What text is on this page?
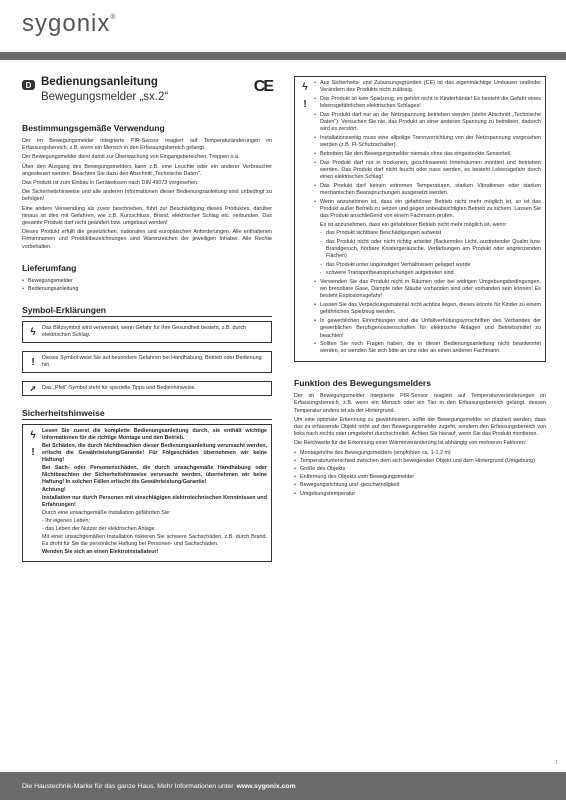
sygonix®
D Bedienungsanleitung
Bewegungsmelder „sx.2“
CE
Bestimmungsgemäße Verwendung

Der im Bewegungsmelder integrierte PIR-Sensor reagiert auf Temperaturänderungen im Erfassungsbereich, z.B. wenn ein Mensch in den Erfassungsbereich gelangt.

Der Bewegungsmelder dient damit zur Überwachung von Eingangsbereichen, Treppen o.ä.

Über den Ausgang des Bewegungsmelders kann z.B. eine Leuchte oder ein anderer Verbraucher angesteuert werden. Beachten Sie dazu den Abschnitt „Technische Daten“.

Das Produkt ist zum Einbau in Gerätedosen nach DIN 49073 vorgesehen.

Die Sicherheitshinweise und alle anderen Informationen dieser Bedienungsanleitung sind unbedingt zu befolgen!

Eine andere Verwendung als zuvor beschrieben, führt zur Beschädigung dieses Produktes, darüber hinaus ist dies mit Gefahren, wie z.B. Kurzschluss, Brand, elektrischer Schlag etc. verbunden. Das gesamte Produkt darf nicht geändert bzw. umgebaut werden!

Dieses Produkt erfüllt die gesetzlichen, nationalen und europäischen Anforderungen. Alle enthaltenen Firmennamen und Produktbezeichnungen sind Warenzeichen der jeweiligen Inhaber. Alle Rechte vorbehalten.

Lieferumfang
• Bewegungsmelder
• Bedienungsanleitung
Symbol-Erklärungen
ϟ	Das Blitzsymbol wird verwendet, wenn Gefahr für Ihre Gesundheit besteht, z.B. durch elektrischen Schlag.
!	Dieses Symbol weist Sie auf besondere Gefahren bei Handhabung, Betrieb oder Bedienung hin.
➚	Das „Pfeil“-Symbol steht für spezielle Tipps und Bedienhinweise.
Sicherheitshinweise
ϟ
!

Lesen Sie zuerst die komplette Bedienungsanleitung durch, sie enthält wichtige Informationen für die richtige Montage und den Betrieb.

Bei Schäden, die durch Nichtbeachten dieser Bedienungsanleitung verursacht werden, erlischt die Gewährleistung/Garantie! Für Folgeschäden übernehmen wir keine Haftung!

Bei Sach- oder Personenschäden, die durch unsachgemäße Handhabung oder Nichtbeachten der Sicherheitshinweise verursacht werden, übernehmen wir keine Haftung! In solchen Fällen erlischt die Gewährleistung/Garantie!

Achtung!

Installation nur durch Personen mit einschlägigen elektrotechnischen Kenntnissen und Erfahrungen!

Durch eine unsachgemäße Installation gefährden Sie:

- Ihr eigenes Leben;

- das Leben der Nutzer der elektrischen Anlage.

Mit einer unsachgemäßen Installation riskieren Sie schwere Sachschäden, z.B. durch Brand. Es droht für Sie die persönliche Haftung bei Personen- und Sachschäden.

Wenden Sie sich an einen Elektroinstallateur!

ϟ
!
• Aus Sicherheits- und Zulassungsgründen (CE) ist das eigenmächtige Umbauen und/oder Verändern des Produkts nicht zulässig.
• Das Produkt ist kein Spielzeug, es gehört nicht in Kinderhände! Es besteht die Gefahr eines lebensgefährlichen elektrischen Schlages!
• Das Produkt darf nur an der Netzspannung betrieben werden (siehe Abschnitt „Technische Daten“). Versuchen Sie nie, das Produkt an einer anderen Spannung zu betreiben, dadurch wird es zerstört.
• Installationsseitig muss eine allpolige Trennvorrichtung von der Netzspannung vorgesehen werden (z.B. FI-Schutzschalter).
• Betreiben Sie den Bewegungsmelder niemals ohne das eingesteckte Sensorteil.
• Das Produkt darf nur in trockenen, geschlossenen Innenräumen montiert und betrieben werden. Das Produkt darf nicht feucht oder nass werden, es besteht Lebensgefahr durch einen elektrischen Schlag!
• Das Produkt darf keinen extremen Temperaturen, starken Vibrationen oder starken mechanischen Beanspruchungen ausgesetzt werden.
• Wenn anzunehmen ist, dass ein gefahrloser Betrieb nicht mehr möglich ist, so ist das Produkt außer Betrieb zu setzen und gegen unbeabsichtigten Betrieb zu sichern. Lassen Sie das Produkt anschließend von einem Fachmann prüfen.
Es ist anzunehmen, dass ein gefahrloser Betrieb nicht mehr möglich ist, wenn:
- das Produkt sichtbare Beschädigungen aufweist
- das Produkt nicht oder nicht richtig arbeitet (flackerndes Licht, austretender Qualm bzw. Brandgeruch, hörbare Knistergeräusche, Verfärbungen am Produkt oder angrenzenden Flächen)
- das Produkt unter ungünstigen Verhältnissen gelagert wurde
- schwere Transportbeanspruchungen aufgetreten sind
• Verwenden Sie das Produkt nicht in Räumen oder bei widrigen Umgebungsbedingungen, wo brennbare Gase, Dämpfe oder Stäube vorhanden sind oder vorhanden sein können! Es besteht Explosionsgefahr!
• Lassen Sie das Verpackungsmaterial nicht achtlos liegen, dieses könnte für Kinder zu einem gefährlichen Spielzeug werden.
• In gewerblichen Einrichtungen sind die Unfallverhütungsvorschriften des Verbandes der gewerblichen Berufsgenossenschaften für elektrische Anlagen und Betriebsmittel zu beachten!
• Sollten Sie noch Fragen haben, die in dieser Bedienungsanleitung nicht beantwortet werden, so wenden Sie sich bitte an uns oder an einen anderen Fachmann.
Funktion des Bewegungsmelders

Der im Bewegungsmelder integrierte PIR-Sensor reagiert auf Temperaturveränderungen im Erfassungsbereich, z.B. wenn ein Mensch oder ein Tier in den Erfassungsbereich gelangt, dessen Temperatur anders ist als der Hintergrund.

Um eine optimale Erkennung zu gewährleisten, sollte der Bewegungsmelder so platziert werden, dass das zu erfassende Objekt nicht auf den Bewegungsmelder zugeht, sondern den Erfassungsbereich von links nach rechts oder umgekehrt durchschreitet. Achten Sie hierauf, wenn Sie das Produkt montieren.

Die Reichweite für die Erkennung einer Wärmeveränderung ist abhängig von mehreren Faktoren:

• Montagehöhe des Bewegungsmelders (empfohlen ca. 1-1,2 m)
• Temperaturunterschied zwischen dem sich bewegenden Objekt und dem Hintergrund (Umgebung)
• Größe des Objekts
• Entfernung des Objekts vom Bewegungsmelder
• Bewegungsrichtung und -geschwindigkeit
• Umgebungstemperatur
1
Die Haustechnik-Marke für das ganze Haus. Mehr Informationen unter www.sygonix.com
